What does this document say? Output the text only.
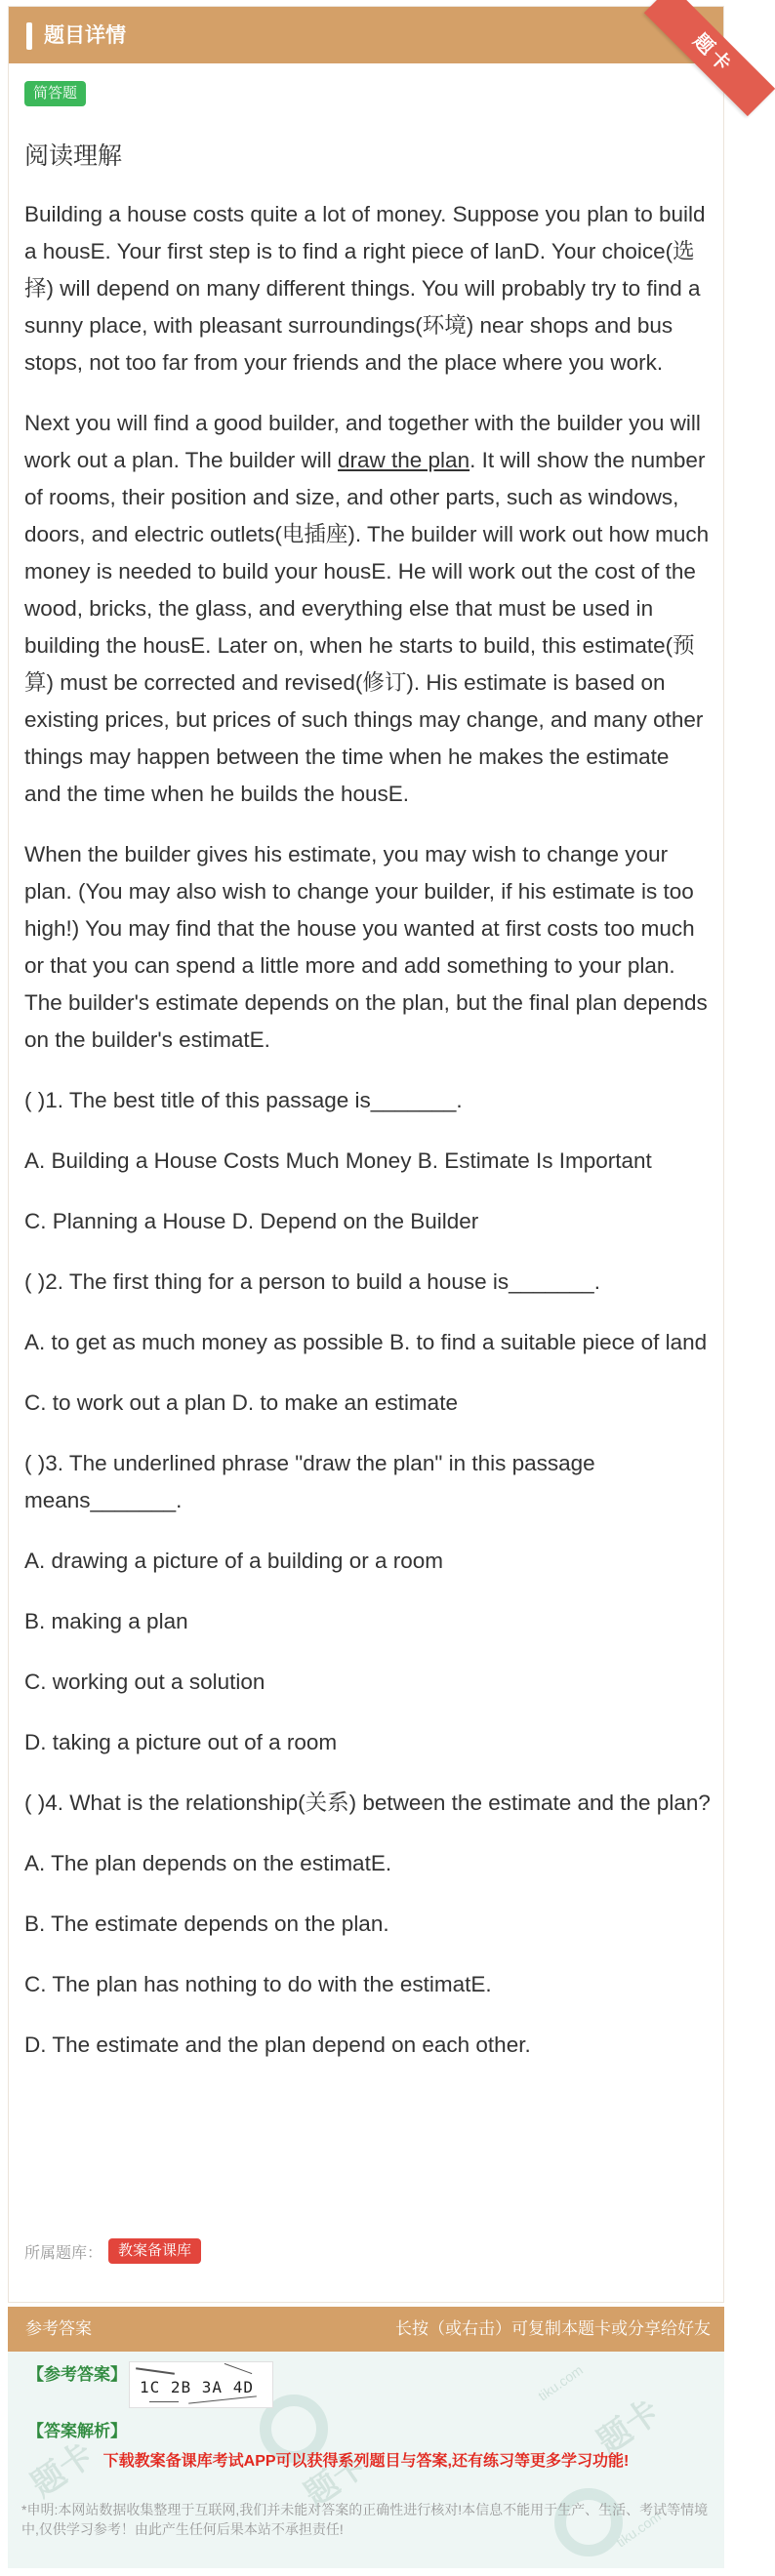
题目详情	题卡
简答题
阅读理解

Building a house costs quite a lot of money. Suppose you plan to build a housE. Your first step is to find a right piece of lanD. Your choice(选择) will depend on many different things. You will probably try to find a sunny place, with pleasant surroundings(环境) near shops and bus stops, not too far from your friends and the place where you work.

Next you will find a good builder, and together with the builder you will work out a plan. The builder will draw the plan. It will show the number of rooms, their position and size, and other parts, such as windows, doors, and electric outlets(电插座). The builder will work out how much money is needed to build your housE. He will work out the cost of the wood, bricks, the glass, and everything else that must be used in building the housE. Later on, when he starts to build, this estimate(预算) must be corrected and revised(修订). His estimate is based on existing prices, but prices of such things may change, and many other things may happen between the time when he makes the estimate and the time when he builds the housE.

When the builder gives his estimate, you may wish to change your plan. (You may also wish to change your builder, if his estimate is too high!) You may find that the house you wanted at first costs too much or that you can spend a little more and add something to your plan. The builder's estimate depends on the plan, but the final plan depends on the builder's estimatE.

( )1. The best title of this passage is_______.

A. Building a House Costs Much Money B. Estimate Is Important

C. Planning a House D. Depend on the Builder

( )2. The first thing for a person to build a house is_______.

A. to get as much money as possible B. to find a suitable piece of land

C. to work out a plan D. to make an estimate

( )3. The underlined phrase "draw the plan" in this passage means_______.

A. drawing a picture of a building or a room

B. making a plan

C. working out a solution

D. taking a picture out of a room

( )4. What is the relationship(关系) between the estimate and the plan?

A. The plan depends on the estimatE.

B. The estimate depends on the plan.

C. The plan has nothing to do with the estimatE.

D. The estimate and the plan depend on each other.

所属题库：	教案备课库
参考答案	长按（或右击）可复制本题卡或分享给好友
题卡	题卡
题卡
tiku.com
tiku.com
【参考答案】
1C 2B 3A 4D
【答案解析】
下载教案备课库考试APP可以获得系列题目与答案,还有练习等更多学习功能!
*申明:本网站数据收集整理于互联网,我们并未能对答案的正确性进行核对!本信息不能用于生产、生活、考试等情境中,仅供学习参考！由此产生任何后果本站不承担责任!
